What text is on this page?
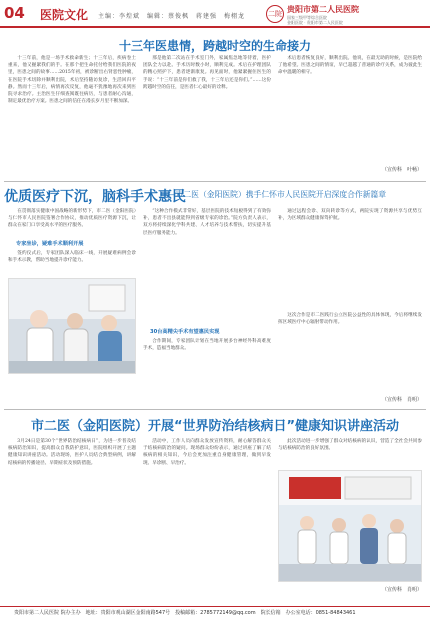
04 医院文化 主编：李煌斌　编辑：蔡俊枫　蒋建强　梅栩龙	二院
贵阳市第二人民医院
国家三级甲等综合医院
金阳医院 · 贵阳市第二人民医院
十三年医患情，跨越时空的生命接力

十三年前，他是一场手术救命新生；十三年后，疾病卷土重来，他又握紧我们的手。在那个把生命托付给我们医院的夜里，医患之间的故事……2015年初，被诊断出右肾恶性肿瘤，在医院手术切除并顺利出院，术后坚持随访复诊，生活回归平静。然而十三年后，病情再次反复，他毫不犹豫地再次来到医院寻求治疗。主治医生仔细查阅既往病历，与患者耐心沟通，制定最优治疗方案。医患之间的信任在漫长岁月里不断加深。

那是他第二次站在手术室门外，家属焦急地等待着，医护团队全力以赴。手术历时数小时，顺利完成。术后在护理团队的精心照护下，患者逐渐康复。再见面时，他紧紧握住医生的手说：“十三年前是你们救了我，十三年后还是你们。”……这份跨越时空的信任，是医者仁心最好的诠释。

术后患者恢复良好，顺利出院。他说，在最无助的时候，是医院给了他希望。医患之间的情谊，早已超越了普通的诊疗关系，成为彼此生命中温暖的相守。

（宣传科　叶畅）
优质医疗下沉，脑科手术惠民
——市二医（金阳医院）携手仁怀市人民医院开启深度合作新篇章

在贯彻落实健康中国战略的新形势下，市二医（金阳医院）与仁怀市人民医院签署合作协议，推动优质医疗资源下沉，让群众在家门口享受高水平的医疗服务。

专家坐诊，疑难手术顺利开展

签约仪式后，专家团队深入临床一线，开展疑难病例会诊和手术示教，帮助当地提升诊疗能力。

“这种合作模式非常好，基层医院的技术短板得到了有效弥补，患者不出县就能得到省级专家的诊治。”院方负责人表示，双方将持续深化学科共建、人才培养与技术帮扶，切实提升基层医疗服务能力。

30台高精尖手术有望惠民实现

合作期间，专家团队计划在当地开展多台神经外科高难度手术，造福当地群众。

通过远程会诊、双向转诊等方式，两院实现了资源共享与优势互补，为区域群众健康保驾护航。

这次合作是市二医践行公立医院公益性的具体体现，今后将继续发挥区域医疗中心辐射带动作用。

（宣传科　肖明）
市二医（金阳医院）开展“世界防治结核病日”健康知识讲座活动

3月24日是第30个“世界防治结核病日”，为进一步普及结核病防治知识，提高群众自我防护意识，医院组织开展了主题健康知识讲座活动。活动现场，医护人员结合典型病例，讲解结核病的传播途径、早期症状及预防措施。

活动中，工作人员向群众发放宣传资料，耐心解答群众关于结核病防治的疑问。现场群众纷纷表示，通过讲座了解了结核病的相关知识，今后会更加注重自身健康管理，做到早发现、早诊断、早治疗。

此次活动进一步增强了群众对结核病的认识，营造了全社会共同参与结核病防治的良好氛围。

（宣传科　肖明）
贵阳市第二人民医院 院办主办　地址：贵阳市观山湖区金阳南路547号　投稿邮箱：2785772149@qq.com　院长信箱　办公室电话：0851-84843461
